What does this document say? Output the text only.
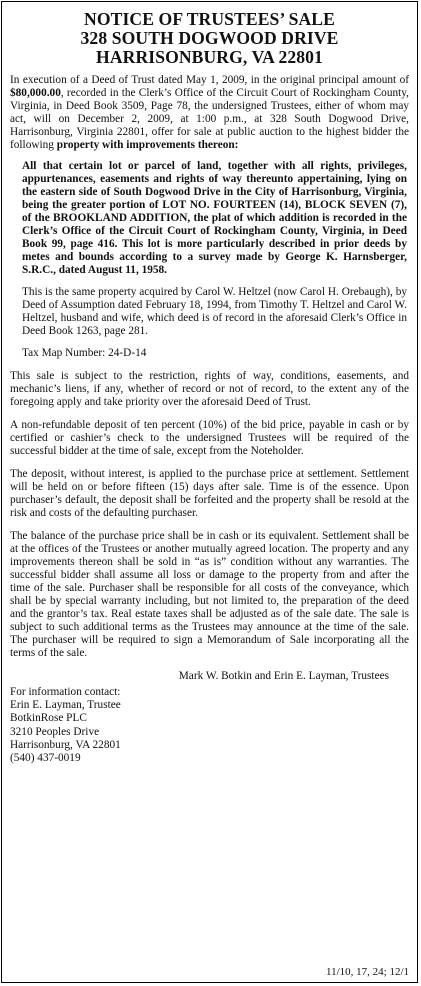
NOTICE OF TRUSTEES’ SALE
328 SOUTH DOGWOOD DRIVE
HARRISONBURG, VA 22801
In execution of a Deed of Trust dated May 1, 2009, in the original principal amount of $80,000.00, recorded in the Clerk’s Office of the Circuit Court of Rockingham County, Virginia, in Deed Book 3509, Page 78, the undersigned Trustees, either of whom may act, will on December 2, 2009, at 1:00 p.m., at 328 South Dogwood Drive, Harrisonburg, Virginia 22801, offer for sale at public auction to the highest bidder the following property with improvements thereon:
All that certain lot or parcel of land, together with all rights, privileges, appurtenances, easements and rights of way thereunto appertaining, lying on the eastern side of South Dogwood Drive in the City of Harrisonburg, Virginia, being the greater portion of LOT NO. FOURTEEN (14), BLOCK SEVEN (7), of the BROOKLAND ADDITION, the plat of which addition is recorded in the Clerk’s Office of the Circuit Court of Rockingham County, Virginia, in Deed Book 99, page 416. This lot is more particularly described in prior deeds by metes and bounds according to a survey made by George K. Harnsberger, S.R.C., dated August 11, 1958.
This is the same property acquired by Carol W. Heltzel (now Carol H. Orebaugh), by Deed of Assumption dated February 18, 1994, from Timothy T. Heltzel and Carol W. Heltzel, husband and wife, which deed is of record in the aforesaid Clerk’s Office in Deed Book 1263, page 281.
Tax Map Number: 24-D-14
This sale is subject to the restriction, rights of way, conditions, easements, and mechanic’s liens, if any, whether of record or not of record, to the extent any of the foregoing apply and take priority over the aforesaid Deed of Trust.
A non-refundable deposit of ten percent (10%) of the bid price, payable in cash or by certified or cashier’s check to the undersigned Trustees will be required of the successful bidder at the time of sale, except from the Noteholder.
The deposit, without interest, is applied to the purchase price at settlement. Settlement will be held on or before fifteen (15) days after sale. Time is of the essence. Upon purchaser’s default, the deposit shall be forfeited and the property shall be resold at the risk and costs of the defaulting purchaser.
The balance of the purchase price shall be in cash or its equivalent. Settlement shall be at the offices of the Trustees or another mutually agreed location. The property and any improvements thereon shall be sold in “as is” condition without any warranties. The successful bidder shall assume all loss or damage to the property from and after the time of the sale. Purchaser shall be responsible for all costs of the conveyance, which shall be by special warranty including, but not limited to, the preparation of the deed and the grantor’s tax. Real estate taxes shall be adjusted as of the sale date. The sale is subject to such additional terms as the Trustees may announce at the time of the sale. The purchaser will be required to sign a Memorandum of Sale incorporating all the terms of the sale.
Mark W. Botkin and Erin E. Layman, Trustees
For information contact:
Erin E. Layman, Trustee
BotkinRose PLC
3210 Peoples Drive
Harrisonburg, VA 22801
(540) 437-0019
11/10, 17, 24; 12/1
